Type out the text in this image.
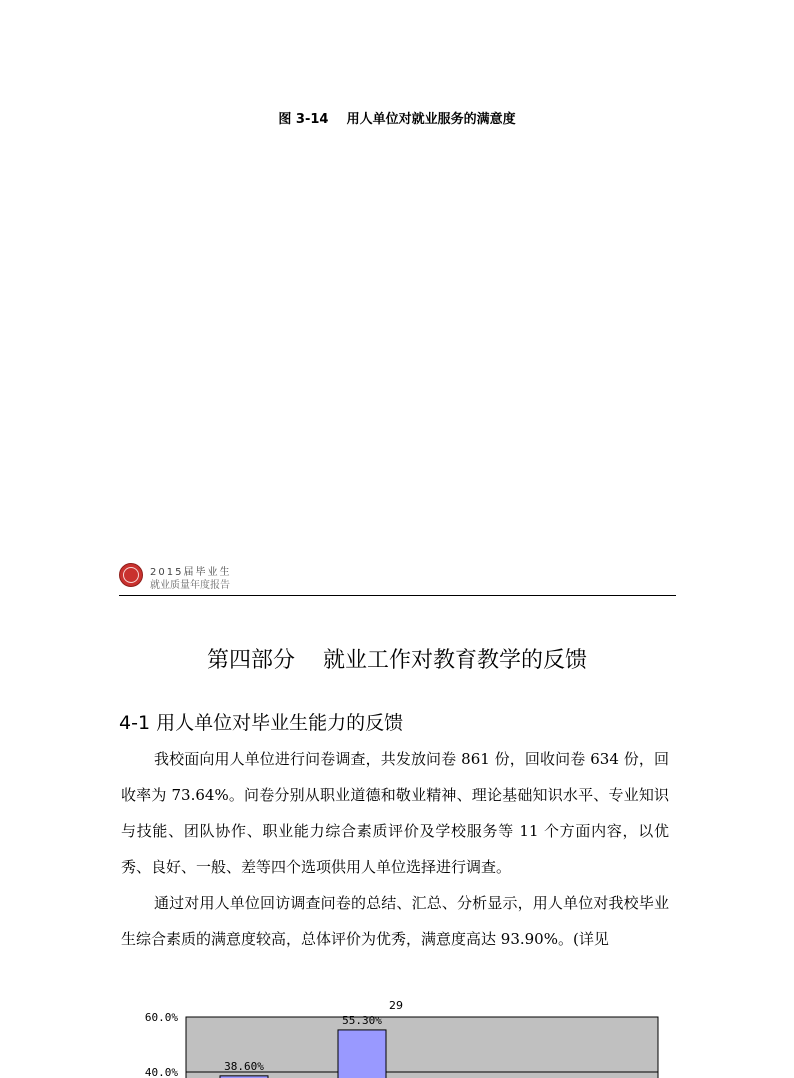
图 3-14    用人单位对就业服务的满意度
2015届毕业生
就业质量年度报告
第四部分    就业工作对教育教学的反馈
4-1 用人单位对毕业生能力的反馈
我校面向用人单位进行问卷调查，共发放问卷 861 份，回收问卷 634 份，回收率为 73.64%。问卷分别从职业道德和敬业精神、理论基础知识水平、专业知识与技能、团队协作、职业能力综合素质评价及学校服务等 11 个方面内容，以优秀、良好、一般、差等四个选项供用人单位选择进行调查。
通过对用人单位回访调查问卷的总结、汇总、分析显示，用人单位对我校毕业生综合素质的满意度较高，总体评价为优秀，满意度高达 93.90%。(详见
60.0%
40.0%	38.60%
55.30%
29
